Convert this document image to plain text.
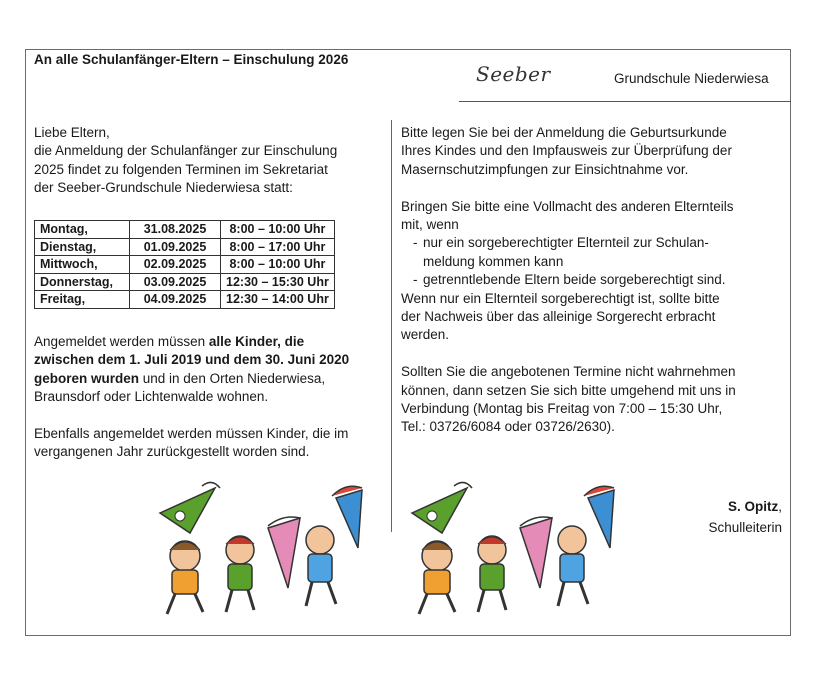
An alle Schulanfänger-Eltern – Einschulung 2026
Seeber	Grundschule Niederwiesa

Liebe Eltern,

die Anmeldung der Schulanfänger zur Einschulung

2025 findet zu folgenden Terminen im Sekretariat

der Seeber-Grundschule Niederwiesa statt:

Montag,	31.08.2025	8:00 – 10:00 Uhr
Dienstag,	01.09.2025	8:00 – 17:00 Uhr
Mittwoch,	02.09.2025	8:00 – 10:00 Uhr
Donnerstag,	03.09.2025	12:30 – 15:30 Uhr
Freitag,	04.09.2025	12:30 – 14:00 Uhr

Angemeldet werden müssen alle Kinder, die

zwischen dem 1. Juli 2019 und dem 30. Juni 2020

geboren wurden und in den Orten Niederwiesa,

Braunsdorf oder Lichtenwalde wohnen.

Ebenfalls angemeldet werden müssen Kinder, die im

vergangenen Jahr zurückgestellt worden sind.

Bitte legen Sie bei der Anmeldung die Geburtsurkunde

Ihres Kindes und den Impfausweis zur Überprüfung der

Masernschutzimpfungen zur Einsichtnahme vor.

Bringen Sie bitte eine Vollmacht des anderen Elternteils

mit, wenn

- nur ein sorgeberechtigter Elternteil zur Schulan-
meldung kommen kann
- getrenntlebende Eltern beide sorgeberechtigt sind.

Wenn nur ein Elternteil sorgeberechtigt ist, sollte bitte

der Nachweis über das alleinige Sorgerecht erbracht

werden.

Sollten Sie die angebotenen Termine nicht wahrnehmen

können, dann setzen Sie sich bitte umgehend mit uns in

Verbindung (Montag bis Freitag von 7:00 – 15:30 Uhr,

Tel.: 03726/6084 oder 03726/2630).

S. Opitz,
Schulleiterin
